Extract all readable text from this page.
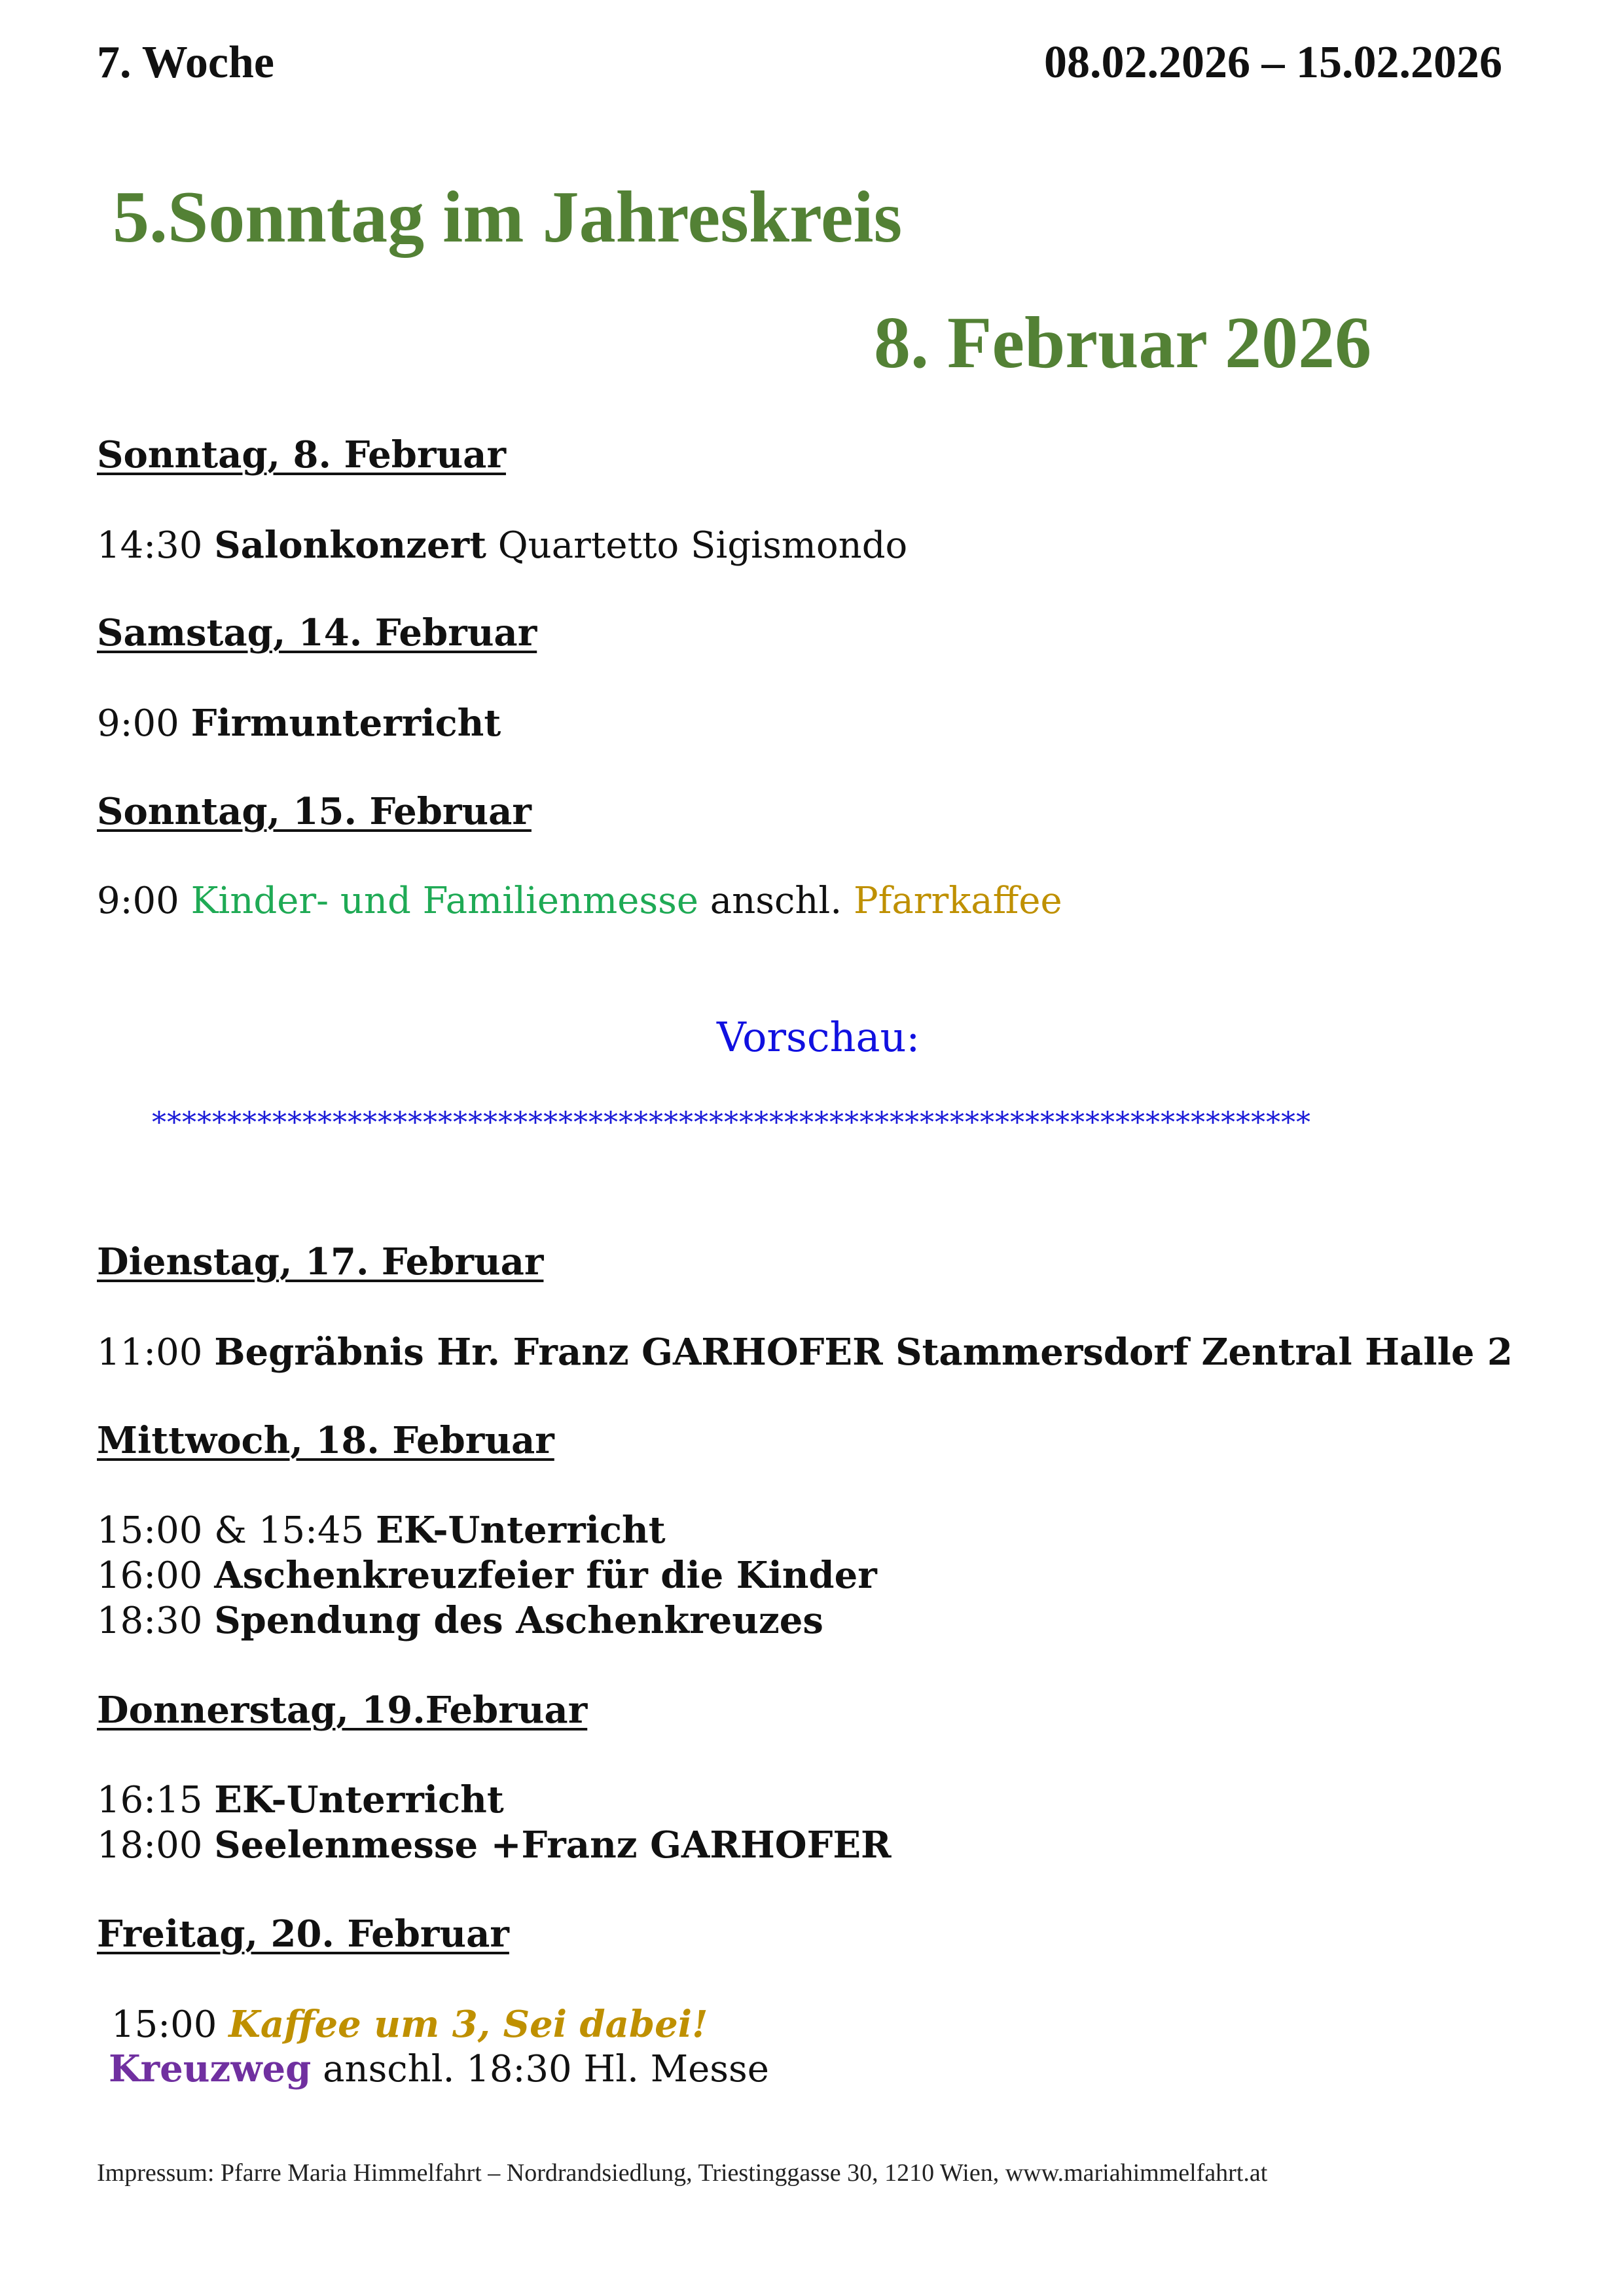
7. Woche	08.02.2026 – 15.02.2026
5.Sonntag im Jahreskreis
8. Februar 2026
Sonntag, 8. Februar
14:30 Salonkonzert Quartetto Sigismondo
Samstag, 14. Februar
9:00 Firmunterricht
Sonntag, 15. Februar
9:00 Kinder- und Familienmesse anschl. Pfarrkaffee
Vorschau:
*****************************************************************************
Dienstag, 17. Februar
11:00 Begräbnis Hr. Franz GARHOFER Stammersdorf Zentral Halle 2
Mittwoch, 18. Februar
15:00 & 15:45 EK-Unterricht
16:00 Aschenkreuzfeier für die Kinder
18:30 Spendung des Aschenkreuzes
Donnerstag, 19.Februar
16:15 EK-Unterricht
18:00 Seelenmesse +Franz GARHOFER
Freitag, 20. Februar
15:00 Kaffee um 3, Sei dabei!
Kreuzweg anschl. 18:30 Hl. Messe
Impressum: Pfarre Maria Himmelfahrt – Nordrandsiedlung, Triestinggasse 30, 1210 Wien, www.mariahimmelfahrt.at
